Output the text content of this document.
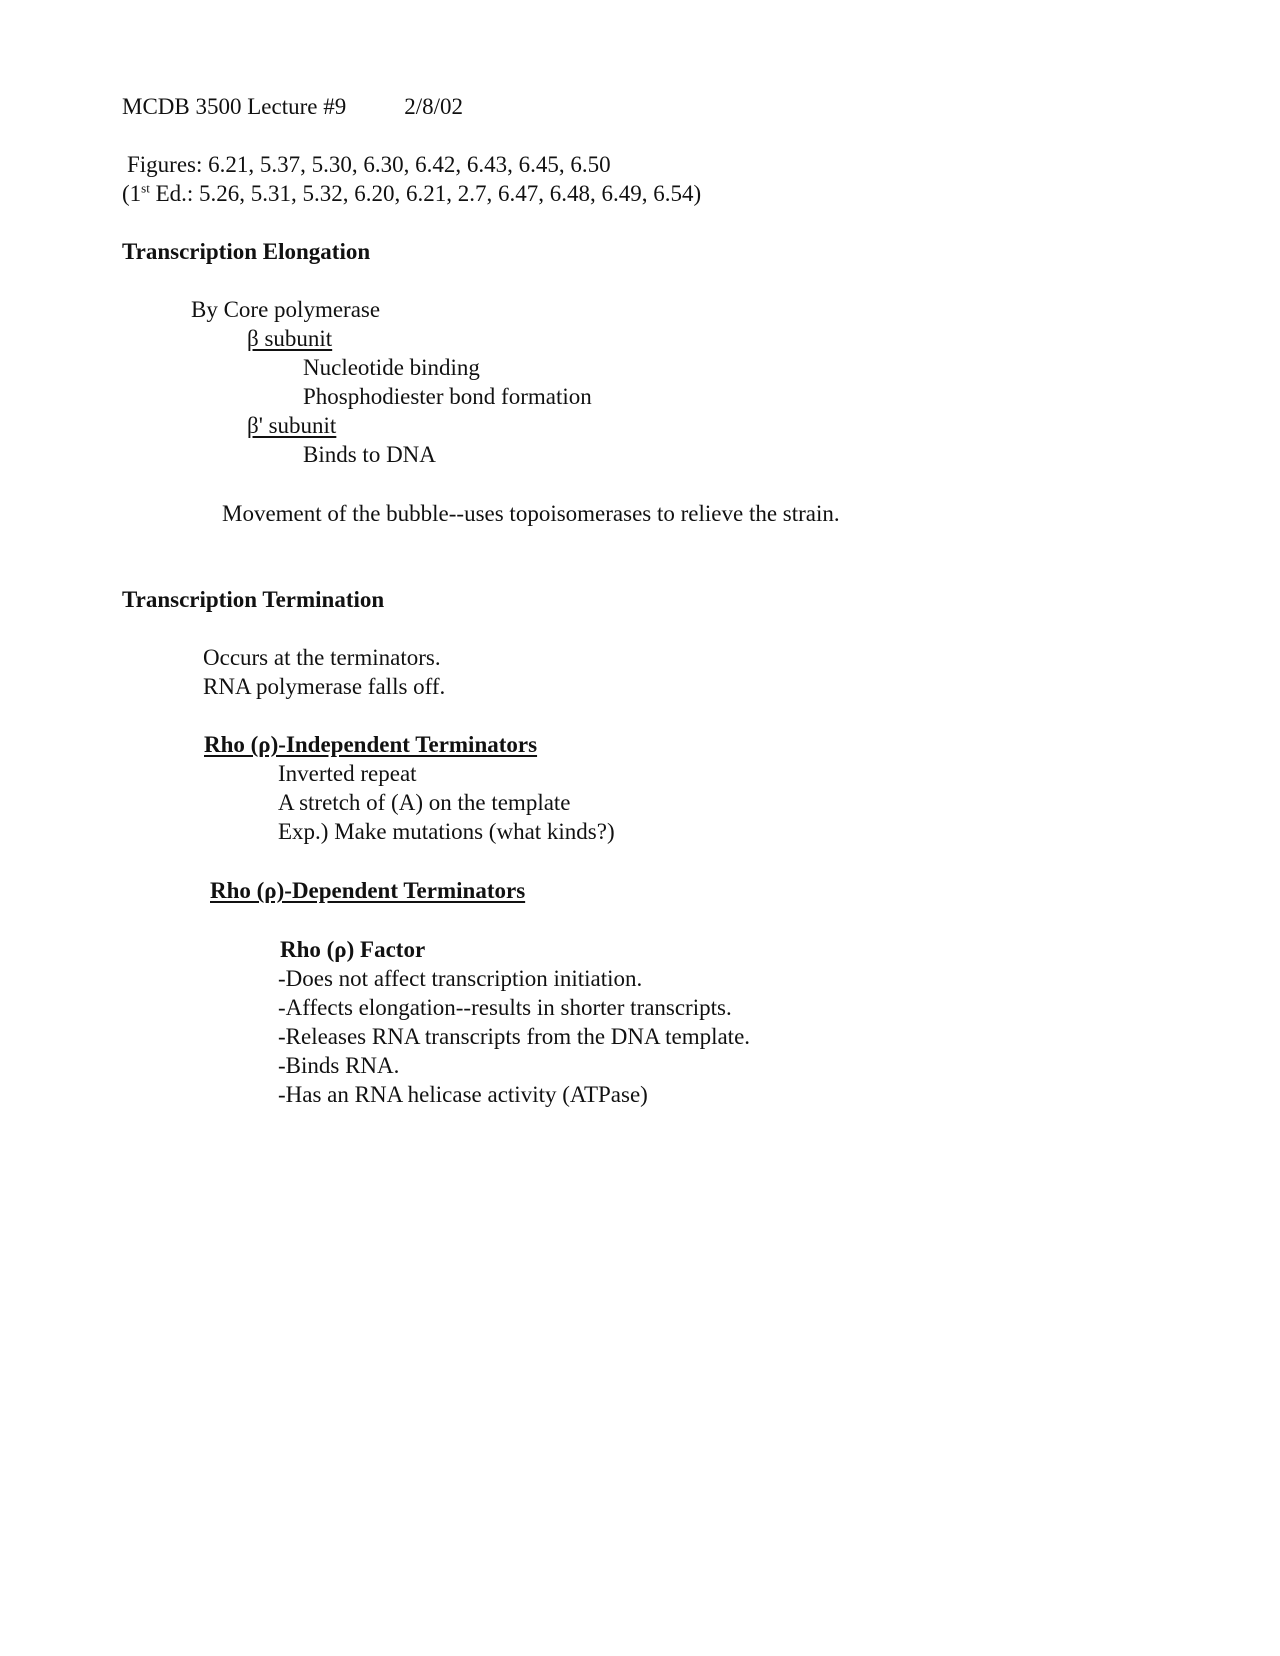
MCDB 3500 Lecture #9	2/8/02
Figures: 6.21, 5.37, 5.30, 6.30, 6.42, 6.43, 6.45, 6.50
(1st Ed.: 5.26, 5.31, 5.32, 6.20, 6.21, 2.7, 6.47, 6.48, 6.49, 6.54)
Transcription Elongation
By Core polymerase
β subunit
Nucleotide binding
Phosphodiester bond formation
β' subunit
Binds to DNA
Movement of the bubble--uses topoisomerases to relieve the strain.
Transcription Termination
Occurs at the terminators.
RNA polymerase falls off.
Rho (ρ)-Independent Terminators
Inverted repeat
A stretch of (A) on the template
Exp.) Make mutations (what kinds?)
Rho (ρ)-Dependent Terminators
Rho (ρ) Factor
-Does not affect transcription initiation.
-Affects elongation--results in shorter transcripts.
-Releases RNA transcripts from the DNA template.
-Binds RNA.
-Has an RNA helicase activity (ATPase)
